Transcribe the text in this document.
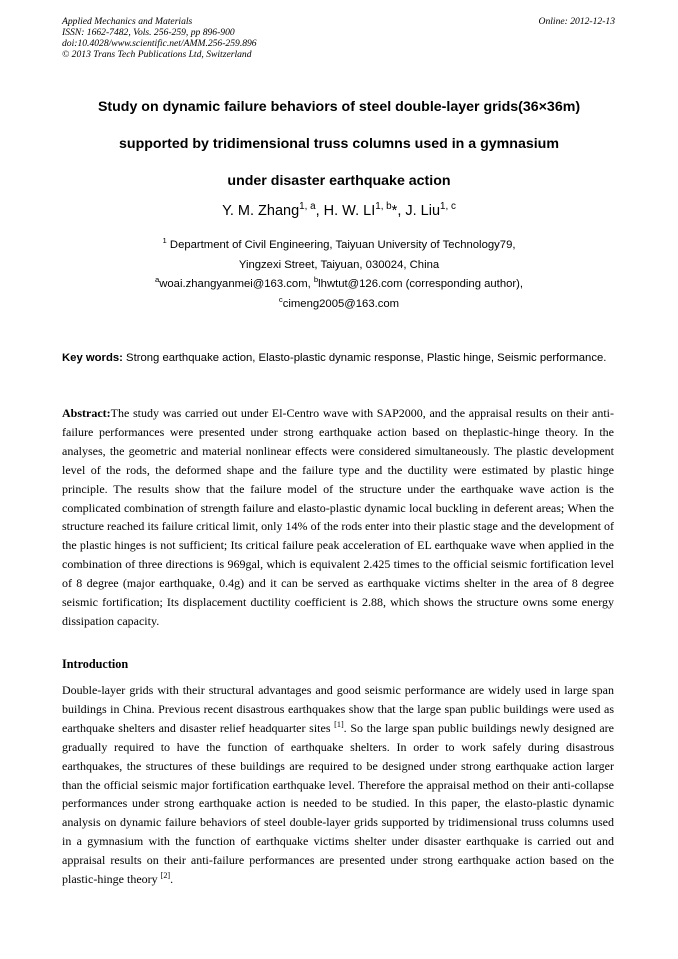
Applied Mechanics and Materials
ISSN: 1662-7482, Vols. 256-259, pp 896-900
doi:10.4028/www.scientific.net/AMM.256-259.896
© 2013 Trans Tech Publications Ltd, Switzerland
Online: 2012-12-13
Study on dynamic failure behaviors of steel double-layer grids(36×36m)
supported by tridimensional truss columns used in a gymnasium
under disaster earthquake action
Y. M. Zhang$^{1, a}$, H. W. LI$^{1, b}$*, J. Liu$^{1, c}$
$^1$ Department of Civil Engineering, Taiyuan University of Technology79,
Yingzexi Street, Taiyuan, 030024, China
$^a$woai.zhangyanmei@163.com, $^b$lhwtut@126.com (corresponding author),
$^c$cimeng2005@163.com
Key words: Strong earthquake action, Elasto-plastic dynamic response, Plastic hinge, Seismic performance.
Abstract:The study was carried out under El-Centro wave with SAP2000, and the appraisal results on their anti-failure performances were presented under strong earthquake action based on theplastic-hinge theory. In the analyses, the geometric and material nonlinear effects were considered simultaneously. The plastic development level of the rods, the deformed shape and the failure type and the ductility were estimated by plastic hinge principle. The results show that the failure model of the structure under the earthquake wave action is the complicated combination of strength failure and elasto-plastic dynamic local buckling in deferent areas; When the structure reached its failure critical limit, only 14% of the rods enter into their plastic stage and the development of the plastic hinges is not sufficient; Its critical failure peak acceleration of EL earthquake wave when applied in the combination of three directions is 969gal, which is equivalent 2.425 times to the official seismic fortification level of 8 degree (major earthquake, 0.4g) and it can be served as earthquake victims shelter in the area of 8 degree seismic fortification; Its displacement ductility coefficient is 2.88, which shows the structure owns some energy dissipation capacity.
Introduction
Double-layer grids with their structural advantages and good seismic performance are widely used in large span buildings in China. Previous recent disastrous earthquakes show that the large span public buildings were used as earthquake shelters and disaster relief headquarter sites [1]. So the large span public buildings newly designed are gradually required to have the function of earthquake shelters. In order to work safely during disastrous earthquakes, the structures of these buildings are required to be designed under strong earthquake action larger than the official seismic major fortification earthquake level. Therefore the appraisal method on their anti-collapse performances under strong earthquake action is needed to be studied. In this paper, the elasto-plastic dynamic analysis on dynamic failure behaviors of steel double-layer grids supported by tridimensional truss columns used in a gymnasium with the function of earthquake victims shelter under disaster earthquake is carried out and appraisal results on their anti-failure performances are presented under strong earthquake action based on the plastic-hinge theory [2].
